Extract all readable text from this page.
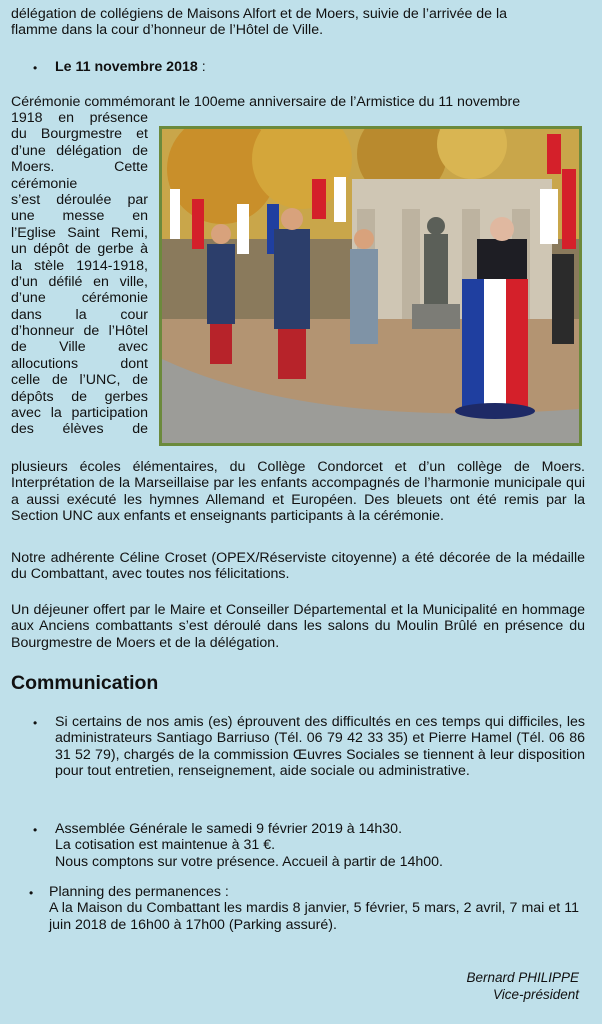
délégation de collégiens de Maisons Alfort et de Moers, suivie de l’arrivée de la
flamme dans la cour d’honneur de l’Hôtel de Ville.

• Le 11 novembre 2018 :

Cérémonie commémorant le 100eme anniversaire de l’Armistice du 11 novembre

1918 en présence
du Bourgmestre et
d’une délégation de
Moers.	Cette
cérémonie
s’est déroulée par
une messe en
l’Eglise Saint Remi,
un dépôt de gerbe à
la stèle 1914-1918,
d’un défilé en ville,
d’une	cérémonie
dans la cour
d’honneur de l’Hôtel
de Ville avec
allocutions	dont
celle de l’UNC, de
dépôts de gerbes
avec la participation
des élèves de

plusieurs écoles élémentaires, du Collège Condorcet et d’un collège de Moers. Interprétation de la Marseillaise par les enfants accompagnés de l’harmonie municipale qui a aussi exécuté les hymnes Allemand et Européen. Des bleuets ont été remis par la Section UNC aux enfants et enseignants participants à la cérémonie.

Notre adhérente Céline Croset (OPEX/Réserviste citoyenne) a été décorée de la médaille du Combattant, avec toutes nos félicitations.

Un déjeuner offert par le Maire et Conseiller Départemental et la Municipalité en hommage aux Anciens combattants s’est déroulé dans les salons du Moulin Brûlé en présence du Bourgmestre de Moers et de la délégation.

Communication
• Si certains de nos amis (es) éprouvent des difficultés en ces temps qui difficiles, les administrateurs Santiago Barriuso (Tél. 06 79 42 33 35) et Pierre Hamel (Tél. 06 86 31 52 79), chargés de la commission Œuvres Sociales se tiennent à leur disposition pour tout entretien, renseignement, aide sociale ou administrative.

• Assemblée Générale le samedi 9 février 2019 à 14h30.
La cotisation est maintenue à 31 €.
Nous comptons sur votre présence. Accueil à partir de 14h00.
• Planning des permanences :
A la Maison du Combattant les mardis 8 janvier, 5 février, 5 mars, 2 avril, 7 mai et 11 juin 2018 de 16h00 à 17h00 (Parking assuré).

Bernard PHILIPPE

Vice-président
